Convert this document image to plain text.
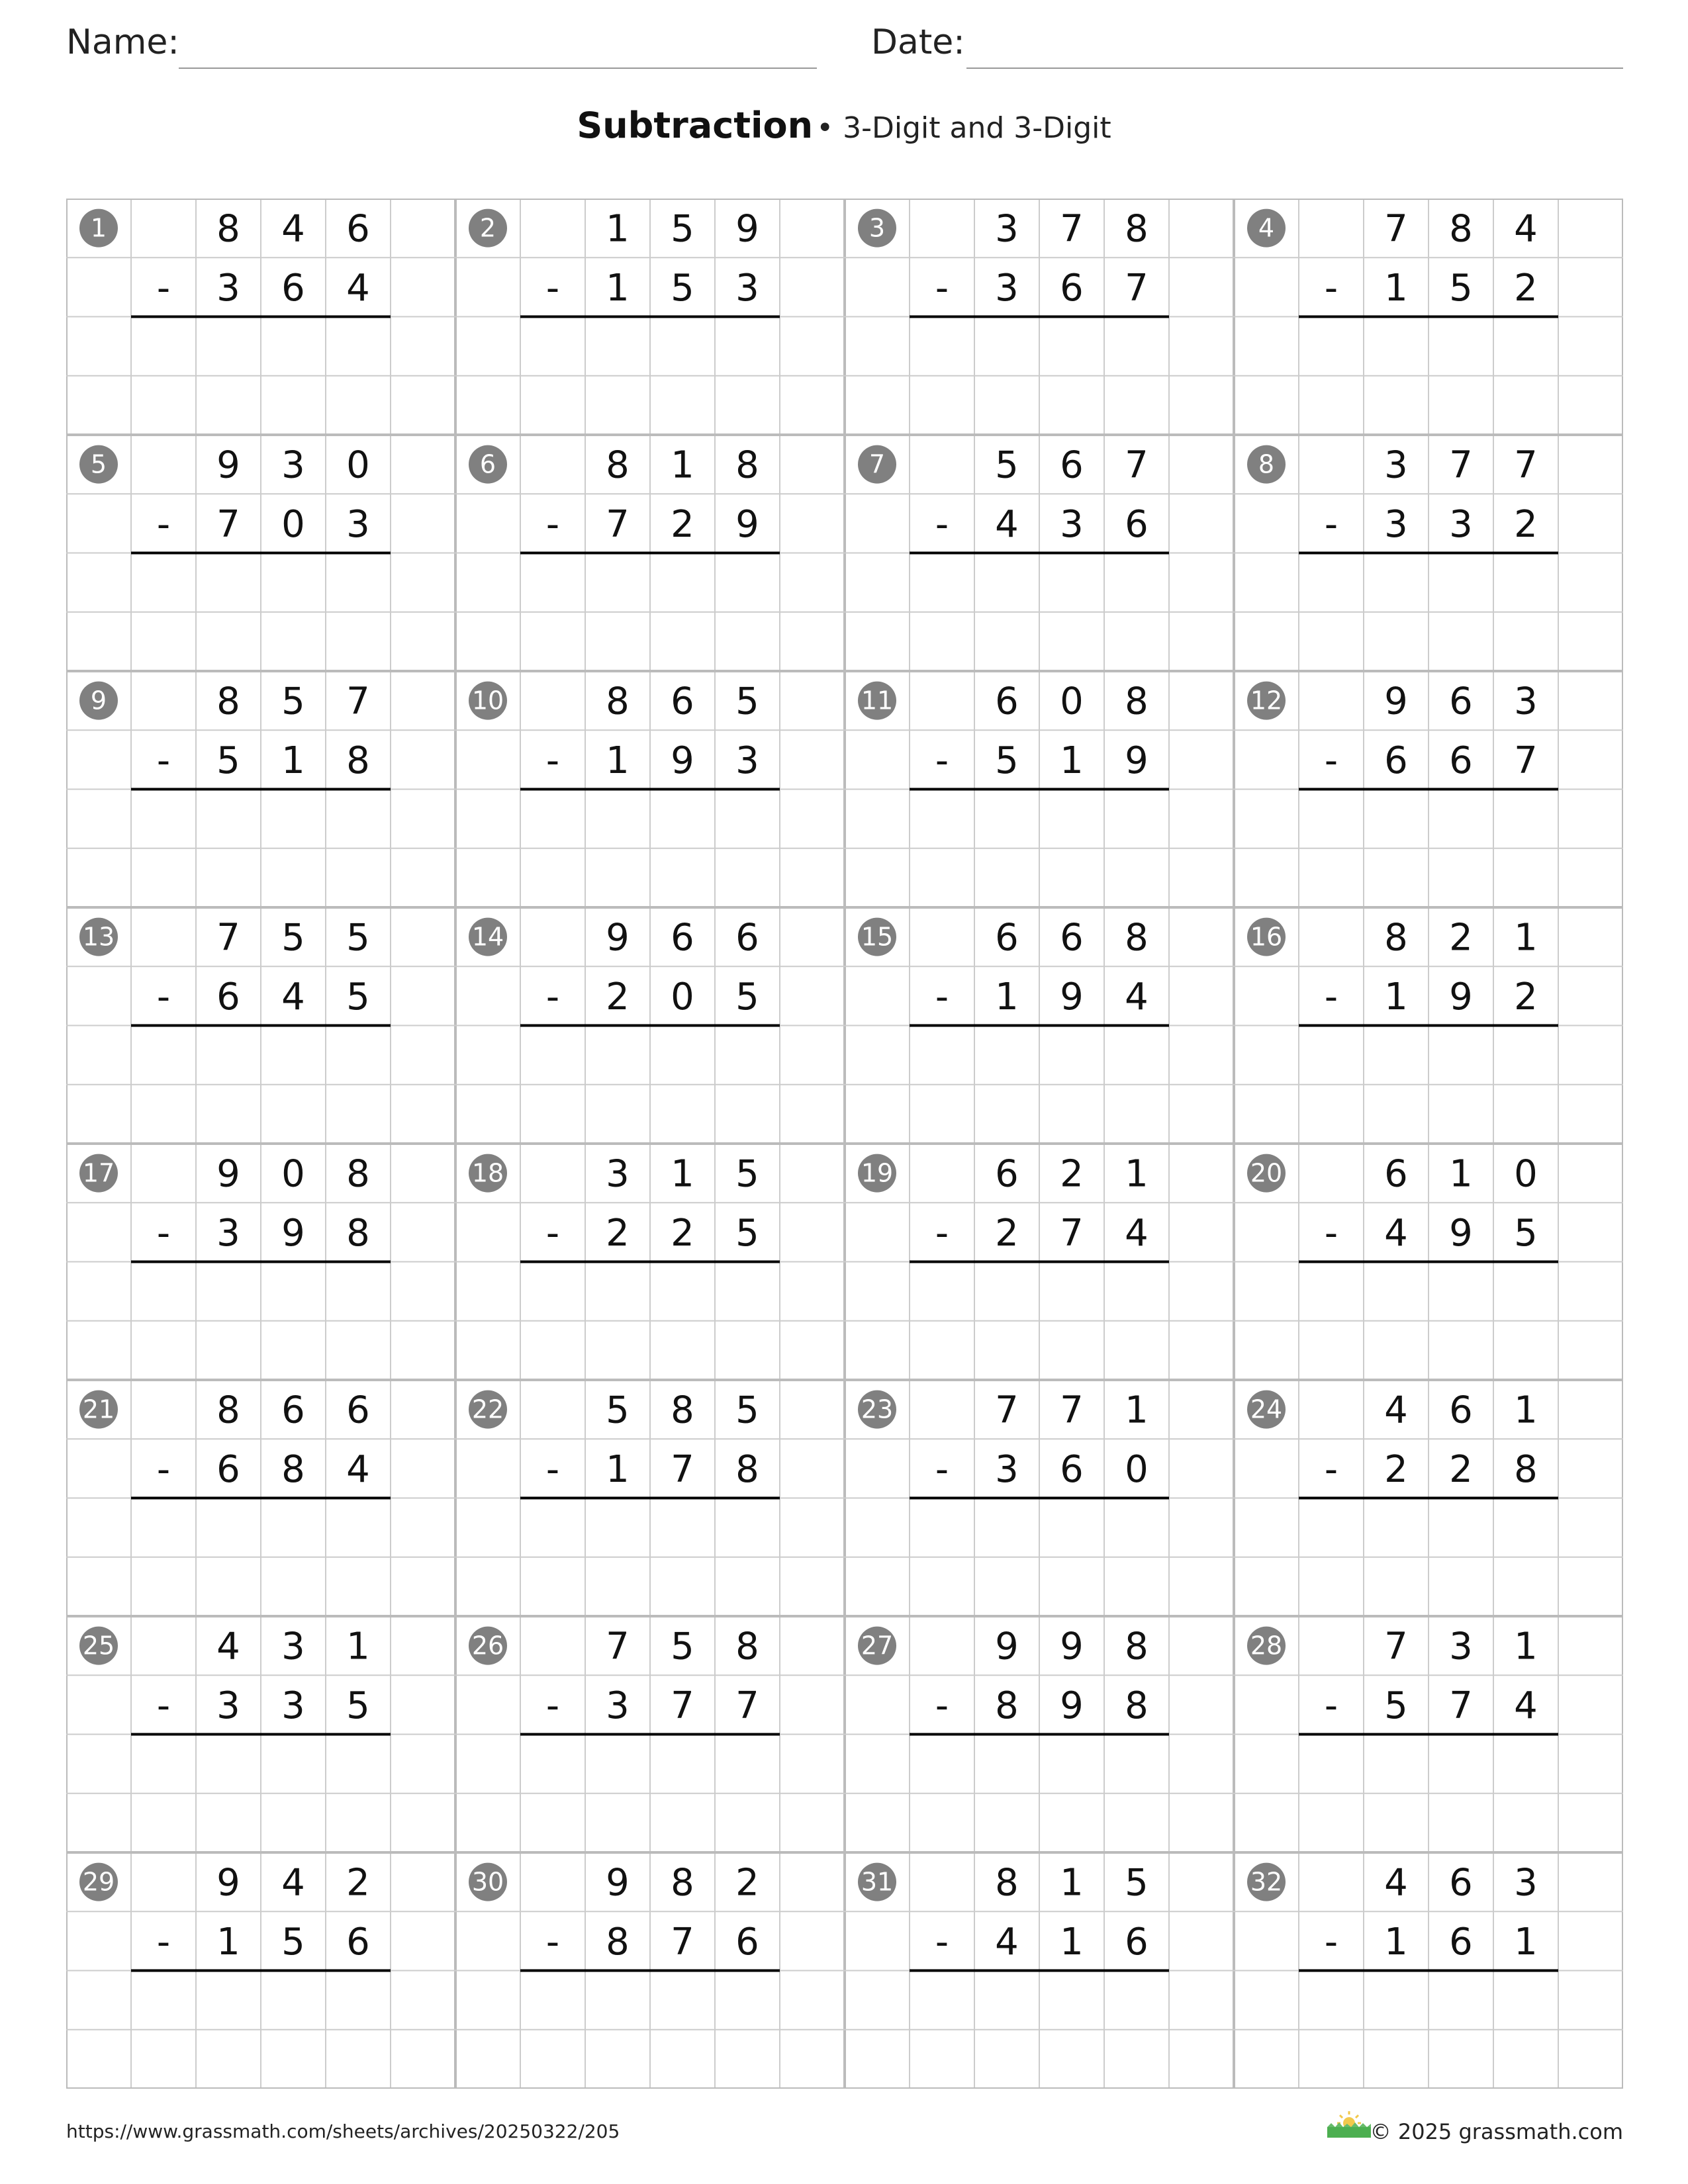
Name:	Date:
Subtraction • 3-Digit and 3-Digit
1	8 4 6
- 3 6 4
2	1 5 9
- 1 5 3
3	3 7 8
- 3 6 7
4	7 8 4
- 1 5 2
5	9 3 0
- 7 0 3
6	8 1 8
- 7 2 9
7	5 6 7
- 4 3 6
8	3 7 7
- 3 3 2
9	8 5 7
- 5 1 8
10	8 6 5
- 1 9 3
11	6 0 8
- 5 1 9
12	9 6 3
- 6 6 7
13	7 5 5
- 6 4 5
14	9 6 6
- 2 0 5
15	6 6 8
- 1 9 4
16	8 2 1
- 1 9 2
17	9 0 8
- 3 9 8
18	3 1 5
- 2 2 5
19	6 2 1
- 2 7 4
20	6 1 0
- 4 9 5
21	8 6 6
- 6 8 4
22	5 8 5
- 1 7 8
23	7 7 1
- 3 6 0
24	4 6 1
- 2 2 8
25	4 3 1
- 3 3 5
26	7 5 8
- 3 7 7
27	9 9 8
- 8 9 8
28	7 3 1
- 5 7 4
29	9 4 2
- 1 5 6
30	9 8 2
- 8 7 6
31	8 1 5
- 4 1 6
32	4 6 3
- 1 6 1
https://www.grassmath.com/sheets/archives/20250322/205	© 2025 grassmath.com
